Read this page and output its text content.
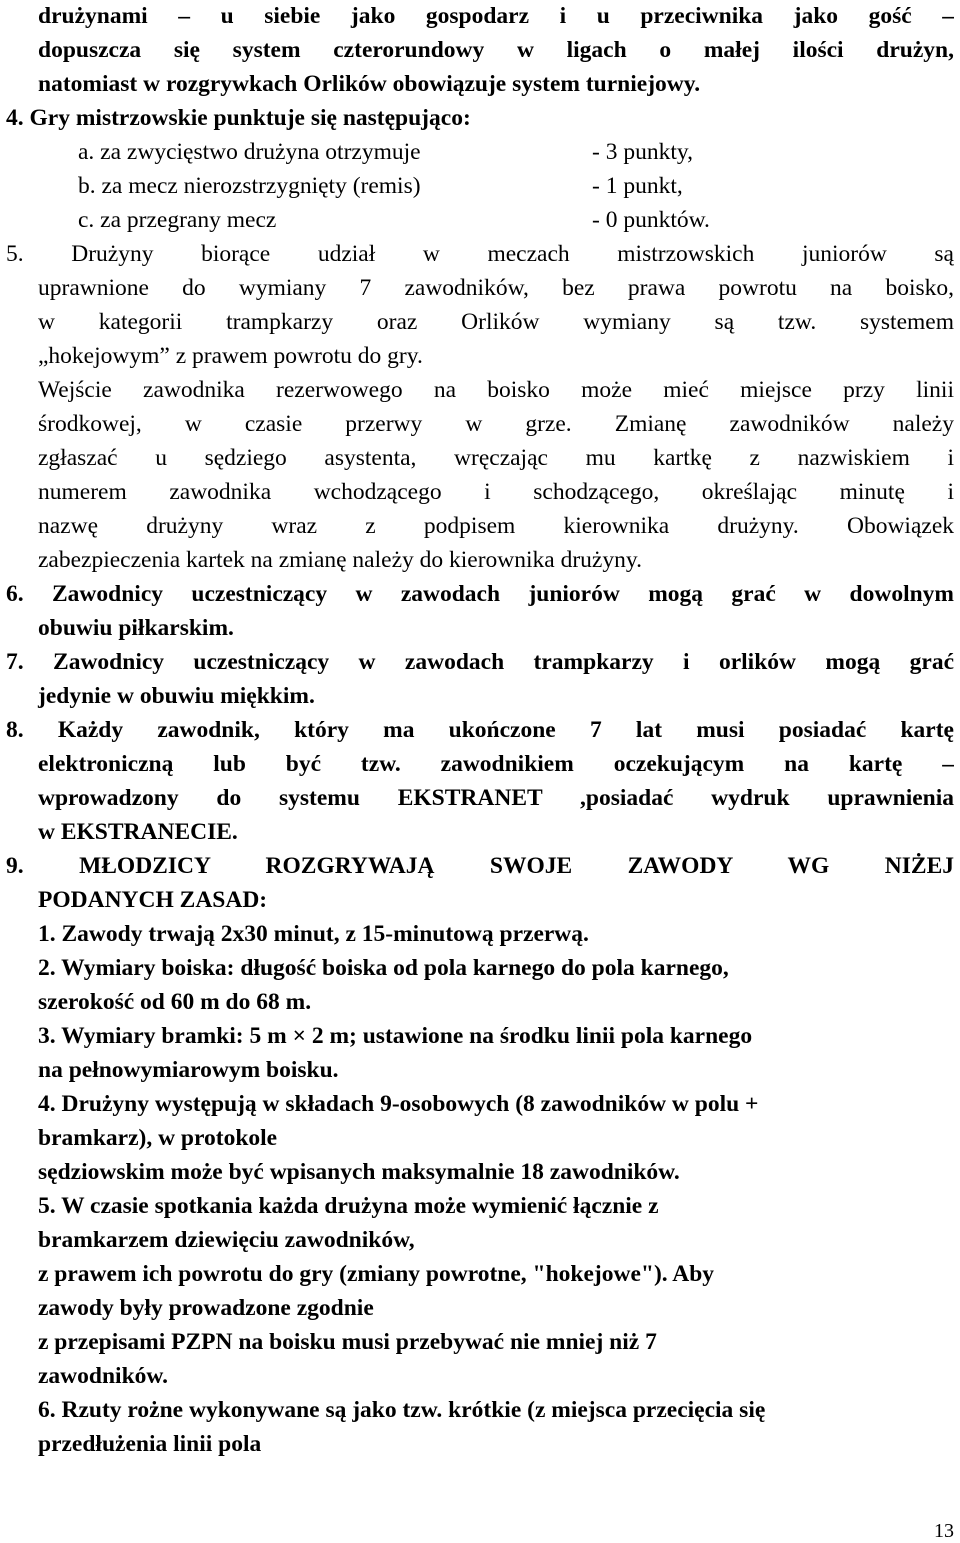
drużynami – u siebie jako gospodarz i u przeciwnika jako gość –
dopuszcza się system czterorundowy w ligach o małej ilości drużyn,
natomiast w rozgrywkach Orlików obowiązuje system turniejowy.
4. Gry mistrzowskie punktuje się następująco:
a. za zwycięstwo drużyna otrzymuje	- 3 punkty,
b. za mecz nierozstrzygnięty (remis)	- 1 punkt,
c. za przegrany mecz	- 0 punktów.
5. Drużyny biorące udział w meczach mistrzowskich juniorów są
uprawnione do wymiany 7 zawodników, bez prawa powrotu na boisko,
w kategorii trampkarzy oraz Orlików wymiany są tzw. systemem
„hokejowym” z prawem powrotu do gry.
Wejście zawodnika rezerwowego na boisko może mieć miejsce przy linii
środkowej, w czasie przerwy w grze. Zmianę zawodników należy
zgłaszać u sędziego asystenta, wręczając mu kartkę z nazwiskiem i
numerem zawodnika wchodzącego i schodzącego, określając minutę i
nazwę drużyny wraz z podpisem kierownika drużyny. Obowiązek
zabezpieczenia kartek na zmianę należy do kierownika drużyny.
6. Zawodnicy uczestniczący w zawodach juniorów mogą grać w dowolnym
obuwiu piłkarskim.
7. Zawodnicy uczestniczący w zawodach trampkarzy i orlików mogą grać
jedynie w obuwiu miękkim.
8. Każdy zawodnik, który ma ukończone 7 lat musi posiadać kartę
elektroniczną lub być tzw. zawodnikiem oczekującym na kartę –
wprowadzony do systemu EKSTRANET ,posiadać wydruk uprawnienia
w EKSTRANECIE.
9. MŁODZICY ROZGRYWAJĄ SWOJE ZAWODY WG NIŻEJ
PODANYCH ZASAD:
1. Zawody trwają 2x30 minut, z 15-minutową przerwą.
2. Wymiary boiska: długość boiska od pola karnego do pola karnego,
szerokość od 60 m do 68 m.
3. Wymiary bramki: 5 m × 2 m; ustawione na środku linii pola karnego
na pełnowymiarowym boisku.
4. Drużyny występują w składach 9-osobowych (8 zawodników w polu +
bramkarz), w protokole
sędziowskim może być wpisanych maksymalnie 18 zawodników.
5. W czasie spotkania każda drużyna może wymienić łącznie z
bramkarzem dziewięciu zawodników,
z prawem ich powrotu do gry (zmiany powrotne, "hokejowe"). Aby
zawody były prowadzone zgodnie
z przepisami PZPN na boisku musi przebywać nie mniej niż 7
zawodników.
6. Rzuty rożne wykonywane są jako tzw. krótkie (z miejsca przecięcia się
przedłużenia linii pola
13
